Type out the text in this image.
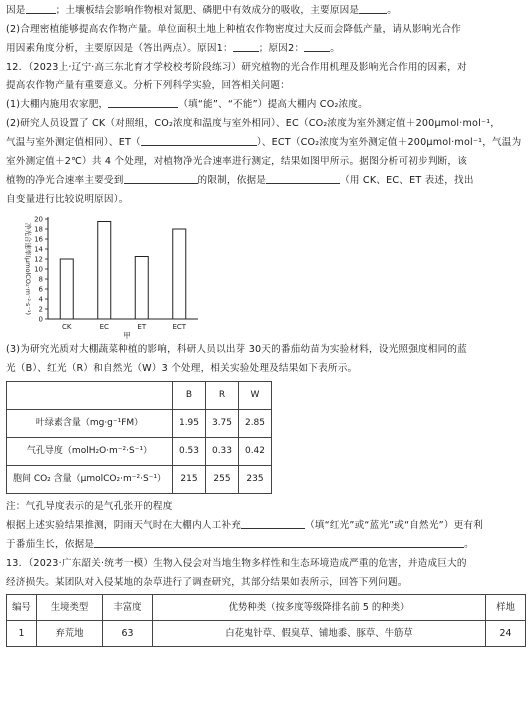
因是	；土壤板结会影响作物根对氮肥、磷肥中有效成分的吸收，主要原因是	。

(2)合理密植能够提高农作物产量。单位面积土地上种植农作物密度过大反而会降低产量，请从影响光合作

用因素角度分析，主要原因是（答出两点）。原因1：	；原因2：	。

12．（2023上·辽宁·高三东北育才学校校考阶段练习）研究植物的光合作用机理及影响光合作用的因素，对

提高农作物产量有重要意义。分析下列科学实验，回答相关问题：

(1)大棚内施用农家肥，	（填“能”、“不能”）提高大棚内 CO₂浓度。

(2)研究人员设置了 CK（对照组，CO₂浓度和温度与室外相同）、EC（CO₂浓度为室外测定值＋200μmol·mol⁻¹，

气温与室外测定值相同）、ET（	）、ECT（CO₂浓度为室外测定值＋200μmol·mol⁻¹，气温为

室外测定值＋2℃）共 4 个处理，对植物净光合速率进行测定，结果如图甲所示。据图分析可初步判断，该

植物的净光合速率主要受到	的限制，依据是	（用 CK、EC、ET 表述，找出

自变量进行比较说明原因）。

0
2
4
6
8
10
12
14
16
18
20
净光合速率(μmolCO₂·m⁻²·s⁻¹)
CK	EC	ET	ECT
甲

(3)为研究光质对大棚蔬菜种植的影响，科研人员以出芽 30天的番茄幼苗为实验材料，设光照强度相同的蓝

光（B）、红光（R）和自然光（W）3 个处理，相关实验处理及结果如下表所示。

	B	R	W
叶绿素含量（mg·g⁻¹FM）	1.95	3.75	2.85
气孔导度（molH₂O·m⁻²·S⁻¹）	0.53	0.33	0.42
胞间 CO₂ 含量（μmolCO₂·m⁻²·S⁻¹）	215	255	235

注：气孔导度表示的是气孔张开的程度

根据上述实验结果推测，阴雨天气时在大棚内人工补充	（填“红光”或“蓝光”或“自然光”）更有利

于番茄生长，依据是	。

13．（2023·广东韶关·统考一模）生物入侵会对当地生物多样性和生态环境造成严重的危害，并造成巨大的

经济损失。某团队对入侵某地的杂草进行了调查研究，其部分结果如表所示，回答下列问题。

编号	生境类型	丰富度	优势种类（按多度等级降排名前 5 的种类）	样地
1	弃荒地	63	白花鬼针草、假臭草、铺地黍、豚草、牛筋草	24
